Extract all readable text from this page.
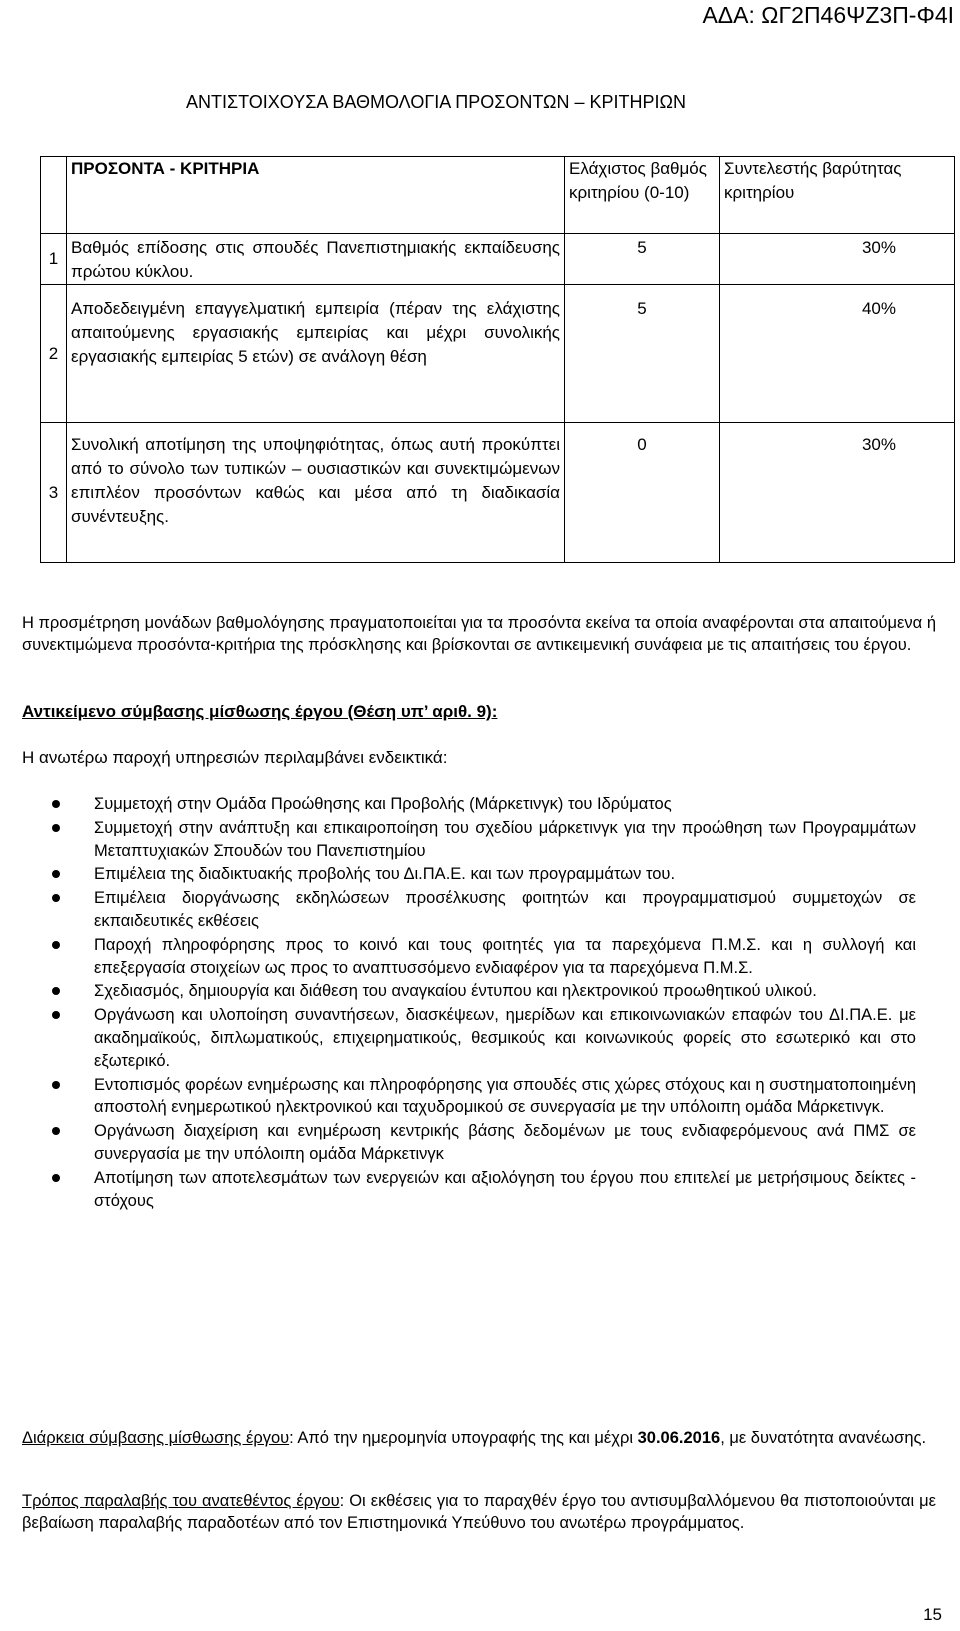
ΑΔΑ: ΩΓ2Π46ΨΖ3Π-Φ4Ι
ΑΝΤΙΣΤΟΙΧΟΥΣΑ ΒΑΘΜΟΛΟΓΙΑ ΠΡΟΣΟΝΤΩΝ – ΚΡΙΤΗΡΙΩΝ
	ΠΡΟΣΟΝΤΑ - ΚΡΙΤΗΡΙΑ	Ελάχιστος βαθμός κριτηρίου (0-10)	Συντελεστής βαρύτητας κριτηρίου
1	Βαθμός επίδοσης στις σπουδές Πανεπιστημιακής εκπαίδευσης πρώτου κύκλου.	5	30%
2	Αποδεδειγμένη επαγγελματική εμπειρία (πέραν της ελάχιστης απαιτούμενης εργασιακής εμπειρίας και μέχρι συνολικής εργασιακής εμπειρίας 5 ετών) σε ανάλογη θέση	5	40%
3	Συνολική αποτίμηση της υποψηφιότητας, όπως αυτή προκύπτει από το σύνολο των τυπικών – ουσιαστικών και συνεκτιμώμενων επιπλέον προσόντων καθώς και μέσα από τη διαδικασία συνέντευξης.	0	30%
Η προσμέτρηση μονάδων βαθμολόγησης πραγματοποιείται για τα προσόντα εκείνα τα οποία αναφέρονται στα απαιτούμενα ή συνεκτιμώμενα προσόντα-κριτήρια της πρόσκλησης και βρίσκονται σε αντικειμενική συνάφεια με τις απαιτήσεις του έργου.
Αντικείμενο σύμβασης μίσθωσης έργου (Θέση υπ’ αριθ. 9):
Η ανωτέρω παροχή υπηρεσιών περιλαμβάνει ενδεικτικά:
Συμμετοχή στην Ομάδα Προώθησης και Προβολής (Μάρκετινγκ) του Ιδρύματος
Συμμετοχή στην ανάπτυξη και επικαιροποίηση του σχεδίου μάρκετινγκ για την προώθηση των Προγραμμάτων Μεταπτυχιακών Σπουδών του Πανεπιστημίου
Επιμέλεια της διαδικτυακής προβολής του Δι.ΠΑ.Ε. και των προγραμμάτων του.
Επιμέλεια διοργάνωσης εκδηλώσεων προσέλκυσης φοιτητών και προγραμματισμού συμμετοχών σε εκπαιδευτικές εκθέσεις
Παροχή πληροφόρησης προς το κοινό και τους φοιτητές για τα παρεχόμενα Π.Μ.Σ. και η συλλογή και επεξεργασία στοιχείων ως προς το αναπτυσσόμενο ενδιαφέρον για τα παρεχόμενα Π.Μ.Σ.
Σχεδιασμός, δημιουργία και διάθεση του αναγκαίου έντυπου και ηλεκτρονικού προωθητικού υλικού.
Οργάνωση και υλοποίηση συναντήσεων, διασκέψεων, ημερίδων και επικοινωνιακών επαφών του ΔΙ.ΠΑ.Ε. με ακαδημαϊκούς, διπλωματικούς, επιχειρηματικούς, θεσμικούς και κοινωνικούς φορείς στο εσωτερικό και στο εξωτερικό.
Εντοπισμός φορέων ενημέρωσης και πληροφόρησης για σπουδές στις χώρες στόχους και η συστηματοποιημένη αποστολή ενημερωτικού ηλεκτρονικού και ταχυδρομικού σε συνεργασία με την υπόλοιπη ομάδα Μάρκετινγκ.
Οργάνωση διαχείριση και ενημέρωση κεντρικής βάσης δεδομένων με τους ενδιαφερόμενους ανά ΠΜΣ σε συνεργασία με την υπόλοιπη ομάδα Μάρκετινγκ
Αποτίμηση των αποτελεσμάτων των ενεργειών και αξιολόγηση του έργου που επιτελεί με μετρήσιμους δείκτες - στόχους
Διάρκεια σύμβασης μίσθωσης έργου: Από την ημερομηνία υπογραφής της και μέχρι 30.06.2016, με δυνατότητα ανανέωσης.
Τρόπος παραλαβής του ανατεθέντος έργου: Οι εκθέσεις για το παραχθέν έργο του αντισυμβαλλόμενου θα πιστοποιούνται με βεβαίωση παραλαβής παραδοτέων από τον Επιστημονικά Υπεύθυνο του ανωτέρω προγράμματος.
15
